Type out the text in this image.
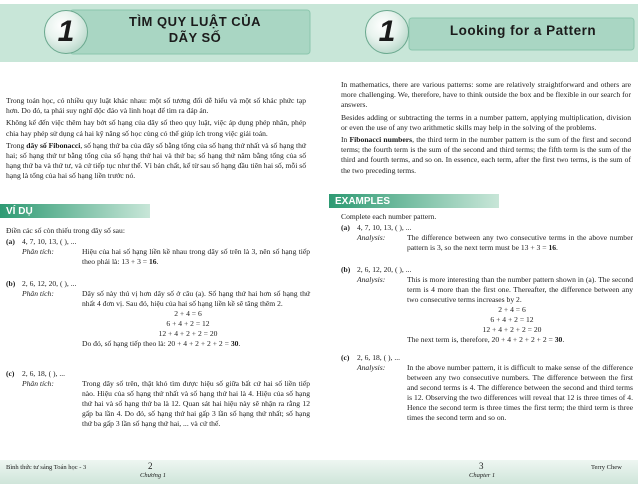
1	TÌM QUY LUẬT CỦA
DÃY SỐ

Trong toán học, có nhiều quy luật khác nhau: một số tương đối dễ hiểu và một số khác phức tạp hơn. Do đó, ta phải suy nghĩ độc đáo và linh hoạt để tìm ra đáp án.

Không kể đến việc thêm hay bớt số hạng của dãy số theo quy luật, việc áp dụng phép nhân, phép chia hay phép sử dụng cả hai kỹ năng số học cùng có thể giúp ích trong việc giải toán.

Trong dãy số Fibonacci, số hạng thứ ba của dãy số bằng tổng của số hạng thứ nhất và số hạng thứ hai; số hạng thứ tư bằng tổng của số hạng thứ hai và thứ ba; số hạng thứ năm bằng tổng của số hạng thứ ba và thứ tư, và cứ tiếp tục như thế. Vì bản chất, kể từ sau số hạng đầu tiên hai số, mỗi số hạng là tổng của hai số hạng liền trước nó.

VÍ DỤ
Điền các số còn thiếu trong dãy số sau:
(a) 4, 7, 10, 13, ( ), ...
Phân tích:	Hiệu của hai số hạng liền kề nhau trong dãy số trên là 3, nên số hạng tiếp theo phải là: 13 + 3 = 16.
(b) 2, 6, 12, 20, ( ), ...
Phân tích:	Dãy số này thú vị hơn dãy số ở câu (a). Số hạng thứ hai hơn số hạng thứ nhất 4 đơn vị. Sau đó, hiệu của hai số hạng liền kề sẽ tăng thêm 2.
2 + 4 = 6
6 + 4 + 2 = 12
12 + 4 + 2 + 2 = 20
Do đó, số hạng tiếp theo là: 20 + 4 + 2 + 2 + 2 = 30.
(c) 2, 6, 18, ( ), ...
Phân tích:	Trong dãy số trên, thật khó tìm được hiệu số giữa bất cứ hai số liền tiếp nào. Hiệu của số hạng thứ nhất và số hạng thứ hai là 4. Hiệu của số hạng thứ hai và số hạng thứ ba là 12. Quan sát hai hiệu này sẽ nhận ra rằng 12 gấp ba lần 4. Do đó, số hạng thứ hai gấp 3 lần số hạng thứ nhất; số hạng thứ ba gấp 3 lần số hạng thứ hai, ... và cứ thế.
Bình thức tư sáng Toán học - 3	2
Chương 1
1	Looking for a Pattern

In mathematics, there are various patterns: some are relatively straightforward and others are more challenging. We, therefore, have to think outside the box and be flexible in our search for answers.

Besides adding or subtracting the terms in a number pattern, applying multiplication, division or even the use of any two arithmetic skills may help in the solving of the problems.

In Fibonacci numbers, the third term in the number pattern is the sum of the first and second terms; the fourth term is the sum of the second and third terms; the fifth term is the sum of the third and fourth terms, and so on. In essence, each term, after the first two terms, is the sum of the two preceding terms.

EXAMPLES
Complete each number pattern.
(a) 4, 7, 10, 13, ( ), ...
Analysis:	The difference between any two consecutive terms in the above number pattern is 3, so the next term must be 13 + 3 = 16.
(b) 2, 6, 12, 20, ( ), ...
Analysis:	This is more interesting than the number pattern shown in (a). The second term is 4 more than the first one. Thereafter, the difference between any two consecutive terms increases by 2.
2 + 4 = 6
6 + 4 + 2 = 12
12 + 4 + 2 + 2 = 20
The next term is, therefore, 20 + 4 + 2 + 2 + 2 = 30.
(c) 2, 6, 18, ( ), ...
Analysis:	In the above number pattern, it is difficult to make sense of the difference between any two consecutive numbers. The difference between the first and second terms is 4. The difference between the second and third terms is 12. Observing the two differences will reveal that 12 is three times of 4. Hence the second term is three times the first term; the third term is three times the second term and so on.
3
Chapter 1
Terry Chew
